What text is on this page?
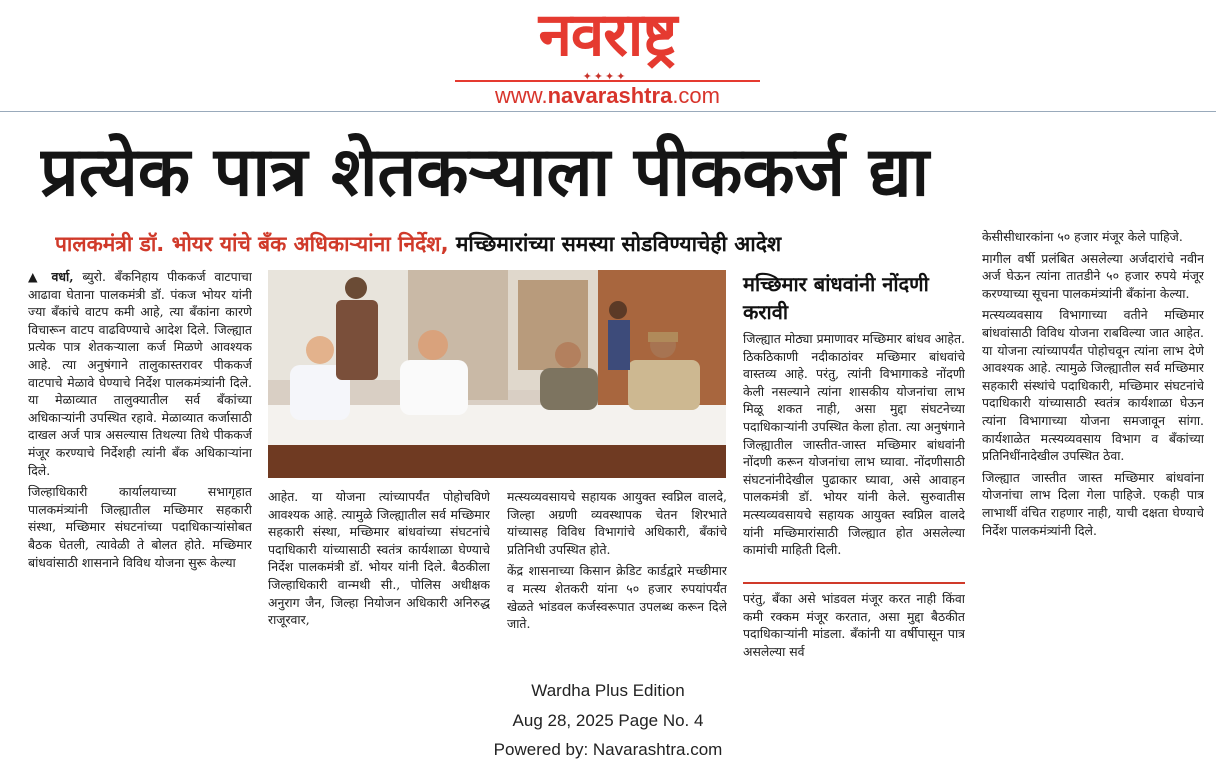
नवराष्ट्र
✦✦✦✦
www.navarashtra.com
प्रत्येक पात्र शेतकऱ्याला पीककर्ज द्या
पालकमंत्री डॉ. भोयर यांचे बँक अधिकाऱ्यांना निर्देश, मच्छिमारांच्या समस्या सोडविण्याचेही आदेश

▲ वर्धा, ब्युरो. बँकनिहाय पीककर्ज वाटपाचा आढावा घेताना पालकमंत्री डॉ. पंकज भोयर यांनी ज्या बँकांचे वाटप कमी आहे, त्या बँकांना कारणे विचारून वाटप वाढविण्याचे आदेश दिले. जिल्ह्यात प्रत्येक पात्र शेतकऱ्याला कर्ज मिळणे आवश्यक आहे. त्या अनुषंगाने तालुकास्तरावर पीककर्ज वाटपाचे मेळावे घेण्याचे निर्देश पालकमंत्र्यांनी दिले. या मेळाव्यात तालुक्यातील सर्व बँकांच्या अधिकाऱ्यांनी उपस्थित रहावे. मेळाव्यात कर्जासाठी दाखल अर्ज पात्र असल्यास तिथल्या तिथे पीककर्ज मंजूर करण्याचे निर्देशही त्यांनी बँक अधिकाऱ्यांना दिले.

जिल्हाधिकारी कार्यालयाच्या सभागृहात पालकमंत्र्यांनी जिल्ह्यातील मच्छिमार सहकारी संस्था, मच्छिमार संघटनांच्या पदाधिकाऱ्यांसोबत बैठक घेतली, त्यावेळी ते बोलत होते. मच्छिमार बांधवांसाठी शासनाने विविध योजना सुरू केल्या

आहेत. या योजना त्यांच्यापर्यंत पोहोचविणे आवश्यक आहे. त्यामुळे जिल्ह्यातील सर्व मच्छिमार सहकारी संस्था, मच्छिमार बांधवांच्या संघटनांचे पदाधिकारी यांच्यासाठी स्वतंत्र कार्यशाळा घेण्याचे निर्देश पालकमंत्री डॉ. भोयर यांनी दिले. बैठकीला जिल्हाधिकारी वान्मथी सी., पोलिस अधीक्षक अनुराग जैन, जिल्हा नियोजन अधिकारी अनिरुद्ध राजूरवार,

मत्स्यव्यवसायचे सहायक आयुक्त स्वप्निल वालदे, जिल्हा अग्रणी व्यवस्थापक चेतन शिरभाते यांच्यासह विविध विभागांचे अधिकारी, बँकांचे प्रतिनिधी उपस्थित होते.

केंद्र शासनाच्या किसान क्रेडिट कार्डद्वारे मच्छीमार व मत्स्य शेतकरी यांना ५० हजार रुपयांपर्यंत खेळते भांडवल कर्जस्वरूपात उपलब्ध करून दिले जाते.

मच्छिमार बांधवांनी नोंदणी करावी

जिल्ह्यात मोठ्या प्रमाणावर मच्छिमार बांधव आहेत. ठिकठिकाणी नदीकाठांवर मच्छिमार बांधवांचे वास्तव्य आहे. परंतु, त्यांनी विभागाकडे नोंदणी केली नसल्याने त्यांना शासकीय योजनांचा लाभ मिळू शकत नाही, असा मुद्दा संघटनेच्या पदाधिकाऱ्यांनी उपस्थित केला होता. त्या अनुषंगाने जिल्ह्यातील जास्तीत-जास्त मच्छिमार बांधवांनी नोंदणी करून योजनांचा लाभ घ्यावा. नोंदणीसाठी संघटनांनीदेखील पुढाकार घ्यावा, असे आवाहन पालकमंत्री डॉ. भोयर यांनी केले. सुरुवातीस मत्स्यव्यवसायचे सहायक आयुक्त स्वप्निल वालदे यांनी मच्छिमारांसाठी जिल्ह्यात होत असलेल्या कामांची माहिती दिली.

परंतु, बँका असे भांडवल मंजूर करत नाही किंवा कमी रक्कम मंजूर करतात, असा मुद्दा बैठकीत पदाधिकाऱ्यांनी मांडला. बँकांनी या वर्षीपासून पात्र असलेल्या सर्व

केसीसीधारकांना ५० हजार मंजूर केले पाहिजे.

मागील वर्षी प्रलंबित असलेल्या अर्जदारांचे नवीन अर्ज घेऊन त्यांना तातडीने ५० हजार रुपये मंजूर करण्याच्या सूचना पालकमंत्र्यांनी बँकांना केल्या.

मत्स्यव्यवसाय विभागाच्या वतीने मच्छिमार बांधवांसाठी विविध योजना राबविल्या जात आहेत. या योजना त्यांच्यापर्यंत पोहोचवून त्यांना लाभ देणे आवश्यक आहे. त्यामुळे जिल्ह्यातील सर्व मच्छिमार सहकारी संस्थांचे पदाधिकारी, मच्छिमार संघटनांचे पदाधिकारी यांच्यासाठी स्वतंत्र कार्यशाळा घेऊन त्यांना विभागाच्या योजना समजावून सांगा. कार्यशाळेत मत्स्यव्यवसाय विभाग व बँकांच्या प्रतिनिधींनादेखील उपस्थित ठेवा.

जिल्ह्यात जास्तीत जास्त मच्छिमार बांधवांना योजनांचा लाभ दिला गेला पाहिजे. एकही पात्र लाभार्थी वंचित राहणार नाही, याची दक्षता घेण्याचे निर्देश पालकमंत्र्यांनी दिले.

Wardha Plus Edition
Aug 28, 2025 Page No. 4
Powered by: Navarashtra.com
